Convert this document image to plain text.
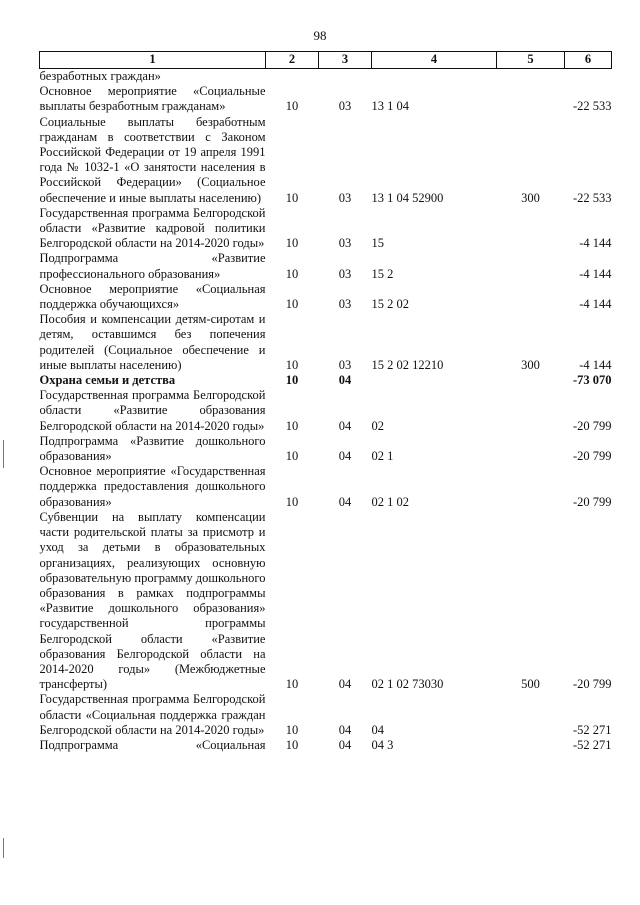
98
1	2	3	4	5	6
безработных граждан»					
Основное мероприятие «Социальные выплаты безработным гражданам»	10	03	13 1 04		-22 533
Социальные выплаты безработным гражданам в соответствии с Законом Российской Федерации от 19 апреля 1991 года № 1032-1 «О занятости населения в Российской Федерации» (Социальное обеспечение и иные выплаты населению)	10	03	13 1 04 52900	300	-22 533
Государственная программа Белгородской области «Развитие кадровой политики Белгородской области на 2014-2020 годы»	10	03	15		-4 144
Подпрограмма «Развитие профессионального образования»	10	03	15 2		-4 144
Основное мероприятие «Социальная поддержка обучающихся»	10	03	15 2 02		-4 144
Пособия и компенсации детям-сиротам и детям, оставшимся без попечения родителей (Социальное обеспечение и иные выплаты населению)	10	03	15 2 02 12210	300	-4 144
Охрана семьи и детства	10	04			-73 070
Государственная программа Белгородской области «Развитие образования Белгородской области на 2014-2020 годы»	10	04	02		-20 799
Подпрограмма «Развитие дошкольного образования»	10	04	02 1		-20 799
Основное мероприятие «Государственная поддержка предоставления дошкольного образования»	10	04	02 1 02		-20 799
Субвенции на выплату компенсации части родительской платы за присмотр и уход за детьми в образовательных организациях, реализующих основную образовательную программу дошкольного образования в рамках подпрограммы «Развитие дошкольного образования» государственной программы Белгородской области «Развитие образования Белгородской области на 2014-2020 годы» (Межбюджетные трансферты)	10	04	02 1 02 73030	500	-20 799
Государственная программа Белгородской области «Социальная поддержка граждан Белгородской области на 2014-2020 годы»	10	04	04		-52 271

Подпрограмма «Социальная	10	04	04 3		-52 271
